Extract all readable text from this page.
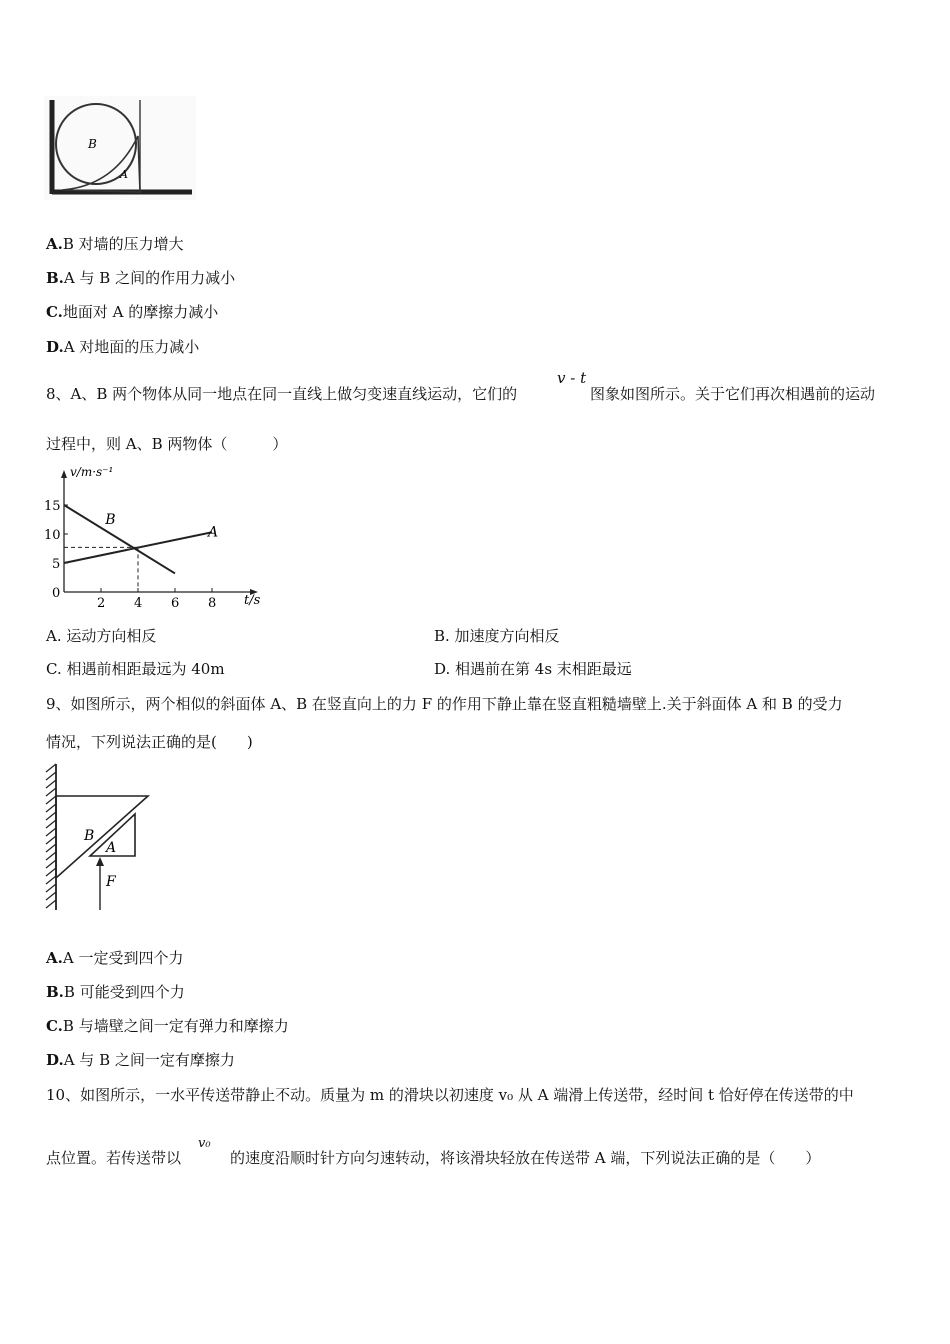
B
A
A.B 对墙的压力增大
B.A 与 B 之间的作用力减小
C.地面对 A 的摩擦力减小
D.A 对地面的压力减小
8、A、B 两个物体从同一地点在同一直线上做匀变速直线运动，它们的
v - t
图象如图所示。关于它们再次相遇前的运动
过程中，则 A、B 两物体（　　　）
v/m·s⁻¹
t/s
2 4 6 8
15
10
5
0
A
B
A. 运动方向相反	B. 加速度方向相反
C. 相遇前相距最远为 40m	D. 相遇前在第 4s 末相距最远
9、如图所示，两个相似的斜面体 A、B 在竖直向上的力 F 的作用下静止靠在竖直粗糙墙壁上.关于斜面体 A 和 B 的受力
情况，下列说法正确的是(　　)
B
A
F
A.A 一定受到四个力
B.B 可能受到四个力
C.B 与墙壁之间一定有弹力和摩擦力
D.A 与 B 之间一定有摩擦力
10、如图所示，一水平传送带静止不动。质量为 m 的滑块以初速度 v₀ 从 A 端滑上传送带，经时间 t 恰好停在传送带的中
点位置。若传送带以
v₀
的速度沿顺时针方向匀速转动，将该滑块轻放在传送带 A 端，下列说法正确的是（　　）
